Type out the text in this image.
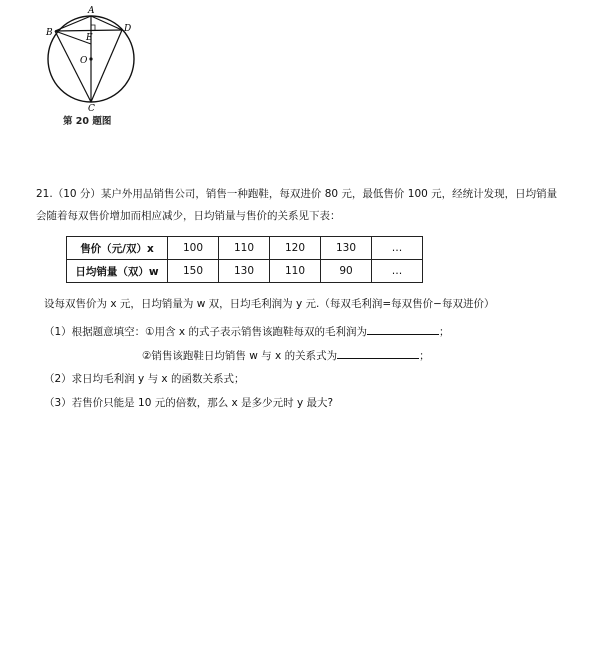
A
B	D
E
O
C
第 20 题图
21.（10 分）某户外用品销售公司，销售一种跑鞋，每双进价 80 元，最低售价 100 元，经统计发现，日均销量
会随着每双售价增加而相应减少，日均销量与售价的关系见下表：
售价（元/双）x	100	110	120	130	…
日均销量（双）w	150	130	110	90	…
设每双售价为 x 元，日均销量为 w 双，日均毛利润为 y 元.（每双毛利润=每双售价−每双进价）
（1）根据题意填空：①用含 x 的式子表示销售该跑鞋每双的毛利润为	；
②销售该跑鞋日均销售 w 与 x 的关系式为	；
（2）求日均毛利润 y 与 x 的函数关系式；
（3）若售价只能是 10 元的倍数，那么 x 是多少元时 y 最大?
